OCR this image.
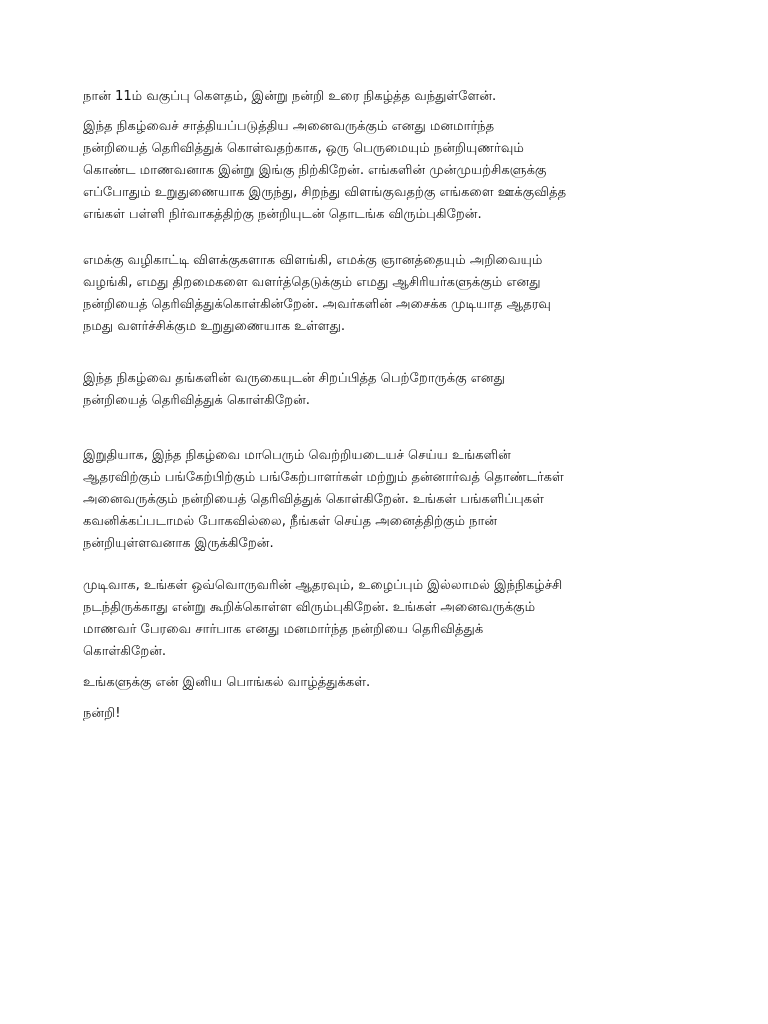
நான் 11ம் வகுப்பு கௌதம், இன்று நன்றி உரை நிகழ்த்த வந்துள்ளேன்.

இந்த நிகழ்வைச் சாத்தியப்படுத்திய அனைவருக்கும் எனது மனமார்ந்த
நன்றியைத் தெரிவித்துக் கொள்வதற்காக, ஒரு பெருமையும் நன்றியுணர்வும்
கொண்ட மாணவனாக இன்று இங்கு நிற்கிறேன். எங்களின் முன்முயற்சிகளுக்கு
எப்போதும் உறுதுணையாக இருந்து, சிறந்து விளங்குவதற்கு எங்களை ஊக்குவித்த
எங்கள் பள்ளி நிர்வாகத்திற்கு நன்றியுடன் தொடங்க விரும்புகிறேன்.

எமக்கு வழிகாட்டி விளக்குகளாக விளங்கி, எமக்கு ஞானத்தையும் அறிவையும்
வழங்கி, எமது திறமைகளை வளர்த்தெடுக்கும் எமது ஆசிரியர்களுக்கும் எனது
நன்றியைத் தெரிவித்துக்கொள்கின்றேன். அவர்களின் அசைக்க முடியாத ஆதரவு
நமது வளர்ச்சிக்கும உறுதுணையாக உள்ளது.

இந்த நிகழ்வை தங்களின் வருகையுடன் சிறப்பித்த பெற்றோருக்கு எனது
நன்றியைத் தெரிவித்துக் கொள்கிறேன்.

இறுதியாக, இந்த நிகழ்வை மாபெரும் வெற்றியடையச் செய்ய உங்களின்
ஆதரவிற்கும் பங்கேற்பிற்கும் பங்கேற்பாளர்கள் மற்றும் தன்னார்வத் தொண்டர்கள்
அனைவருக்கும் நன்றியைத் தெரிவித்துக் கொள்கிறேன். உங்கள் பங்களிப்புகள்
கவனிக்கப்படாமல் போகவில்லை, நீங்கள் செய்த அனைத்திற்கும் நான்
நன்றியுள்ளவனாக இருக்கிறேன்.

முடிவாக, உங்கள் ஒவ்வொருவரின் ஆதரவும், உழைப்பும் இல்லாமல் இந்நிகழ்ச்சி
நடந்திருக்காது என்று கூறிக்கொள்ள விரும்புகிறேன். உங்கள் அனைவருக்கும்
மாணவர் பேரவை சார்பாக எனது மனமார்ந்த நன்றியை தெரிவித்துக்
கொள்கிறேன்.

உங்களுக்கு என் இனிய பொங்கல் வாழ்த்துக்கள்.

நன்றி!
